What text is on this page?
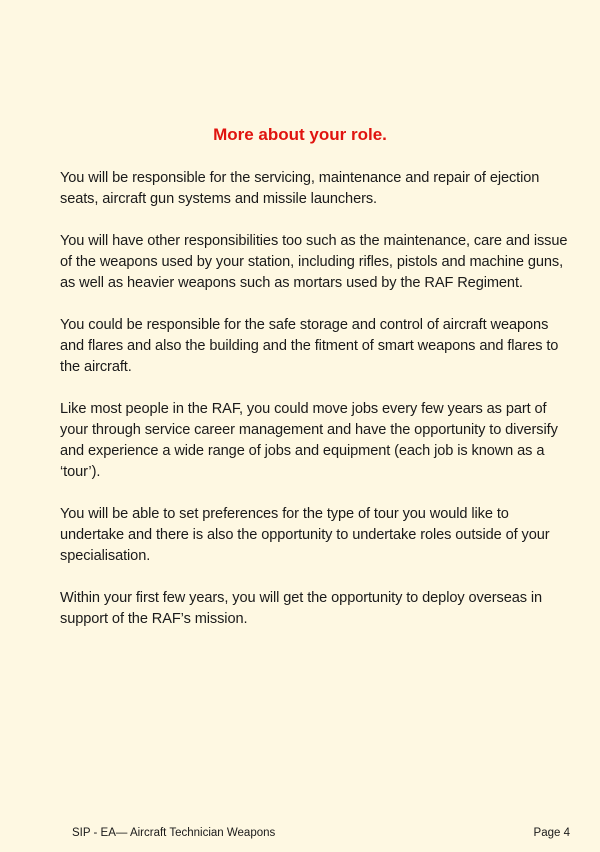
More about your role.

You will be responsible for the servicing, maintenance and repair of ejection seats, aircraft gun systems and missile launchers.

You will have other responsibilities too such as the maintenance, care and issue of the weapons used by your station, including rifles, pistols and machine guns, as well as heavier weapons such as mortars used by the RAF Regiment.

You could be responsible for the safe storage and control of aircraft weapons and flares and also the building and the fitment of smart weapons and flares to the aircraft.

Like most people in the RAF, you could move jobs every few years as part of your through service career management and have the opportunity to diversify and experience a wide range of jobs and equipment (each job is known as a ‘tour’).

You will be able to set preferences for the type of tour you would like to undertake and there is also the opportunity to undertake roles outside of your specialisation.

Within your first few years, you will get the opportunity to deploy overseas in support of the RAF’s mission.

SIP - EA— Aircraft Technician Weapons	Page 4
